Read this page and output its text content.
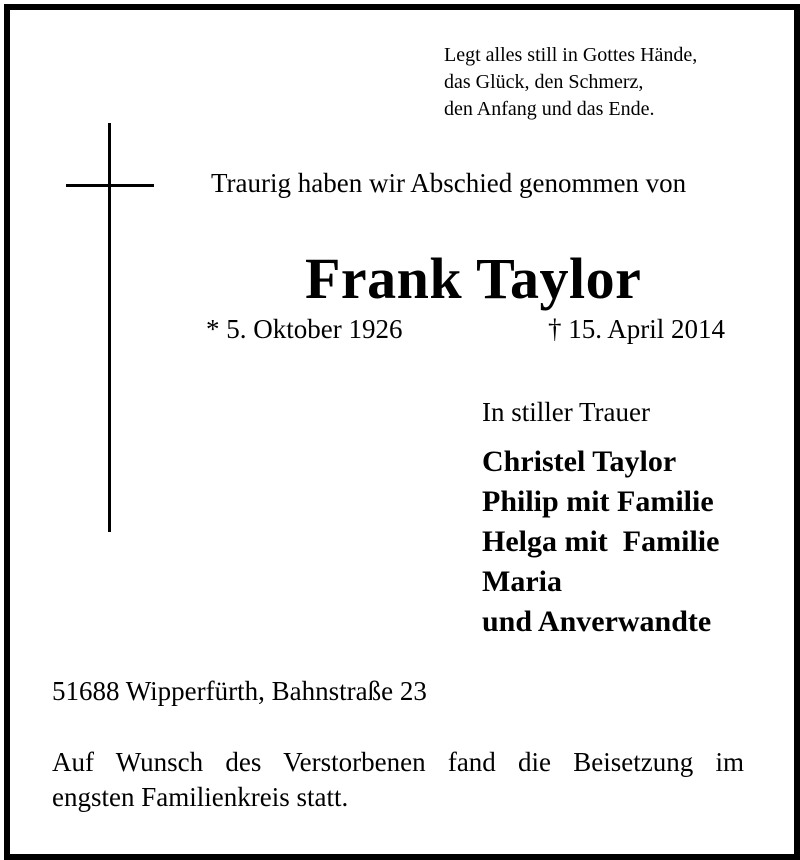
Legt alles still in Gottes Hände,
das Glück, den Schmerz,
den Anfang und das Ende.
Traurig haben wir Abschied genommen von
Frank Taylor
* 5. Oktober 1926	† 15. April 2014
In stiller Trauer
Christel Taylor
Philip mit Familie
Helga mit  Familie
Maria
und Anverwandte
51688 Wipperfürth, Bahnstraße 23
Auf Wunsch des Verstorbenen fand die Beisetzung im
engsten Familienkreis statt.
